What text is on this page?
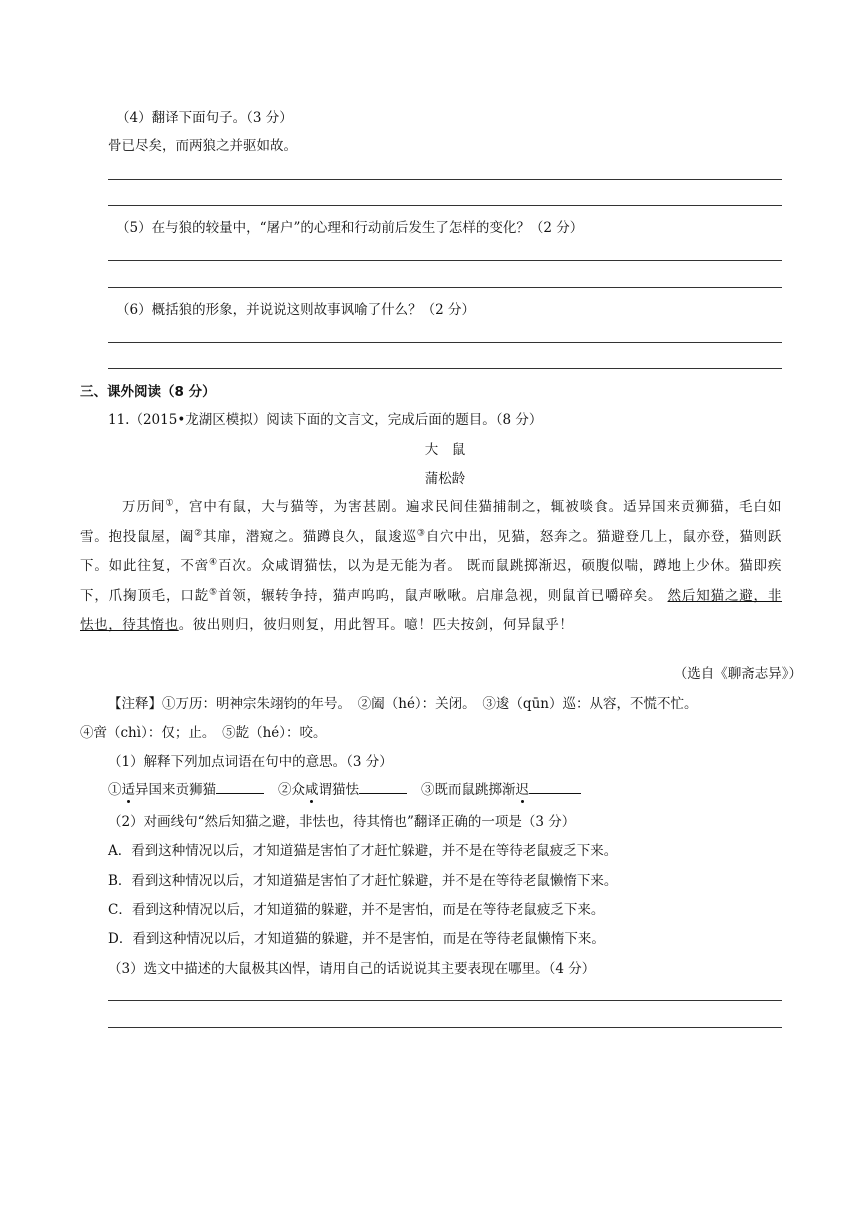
（4）翻译下面句子。（3 分）
骨已尽矣，而两狼之并驱如故。
（5）在与狼的较量中，“屠户”的心理和行动前后发生了怎样的变化？（2 分）
（6）概括狼的形象，并说说这则故事讽喻了什么？（2 分）
三、课外阅读（8 分）
11.（2015•龙湖区模拟）阅读下面的文言文，完成后面的题目。（8 分）
大　鼠
蒲松龄
万历间①，宫中有鼠，大与猫等，为害甚剧。遍求民间佳猫捕制之，辄被啖食。适异国来贡狮猫，毛白如雪。抱投鼠屋，阖②其扉，潜窥之。猫蹲良久，鼠逡巡③自穴中出，见猫，怒奔之。猫避登几上，鼠亦登，猫则跃下。如此往复，不啻④百次。众咸谓猫怯，以为是无能为者。 既而鼠跳掷渐迟，硕腹似喘，蹲地上少休。猫即疾下，爪掬顶毛，口龁⑤首领，辗转争持，猫声呜呜，鼠声啾啾。启扉急视，则鼠首已嚼碎矣。 然后知猫之避，非怯也，待其惰也。彼出则归，彼归则复，用此智耳。噫！匹夫按剑，何异鼠乎！
（选自《聊斋志异》）
【注释】①万历：明神宗朱翊钧的年号。　②阖（hé）：关闭。　③逡（qūn）巡：从容，不慌不忙。
④啻（chì）：仅；止。　⑤龁（hé）：咬。
（1）解释下列加点词语在句中的意思。（3 分）
①适异国来贡狮猫	②众咸谓猫怯	③既而鼠跳掷渐迟
（2）对画线句“然后知猫之避，非怯也，待其惰也”翻译正确的一项是（3 分）
A．看到这种情况以后，才知道猫是害怕了才赶忙躲避，并不是在等待老鼠疲乏下来。
B．看到这种情况以后，才知道猫是害怕了才赶忙躲避，并不是在等待老鼠懒惰下来。
C．看到这种情况以后，才知道猫的躲避，并不是害怕，而是在等待老鼠疲乏下来。
D．看到这种情况以后，才知道猫的躲避，并不是害怕，而是在等待老鼠懒惰下来。
（3）选文中描述的大鼠极其凶悍，请用自己的话说说其主要表现在哪里。（4 分）
